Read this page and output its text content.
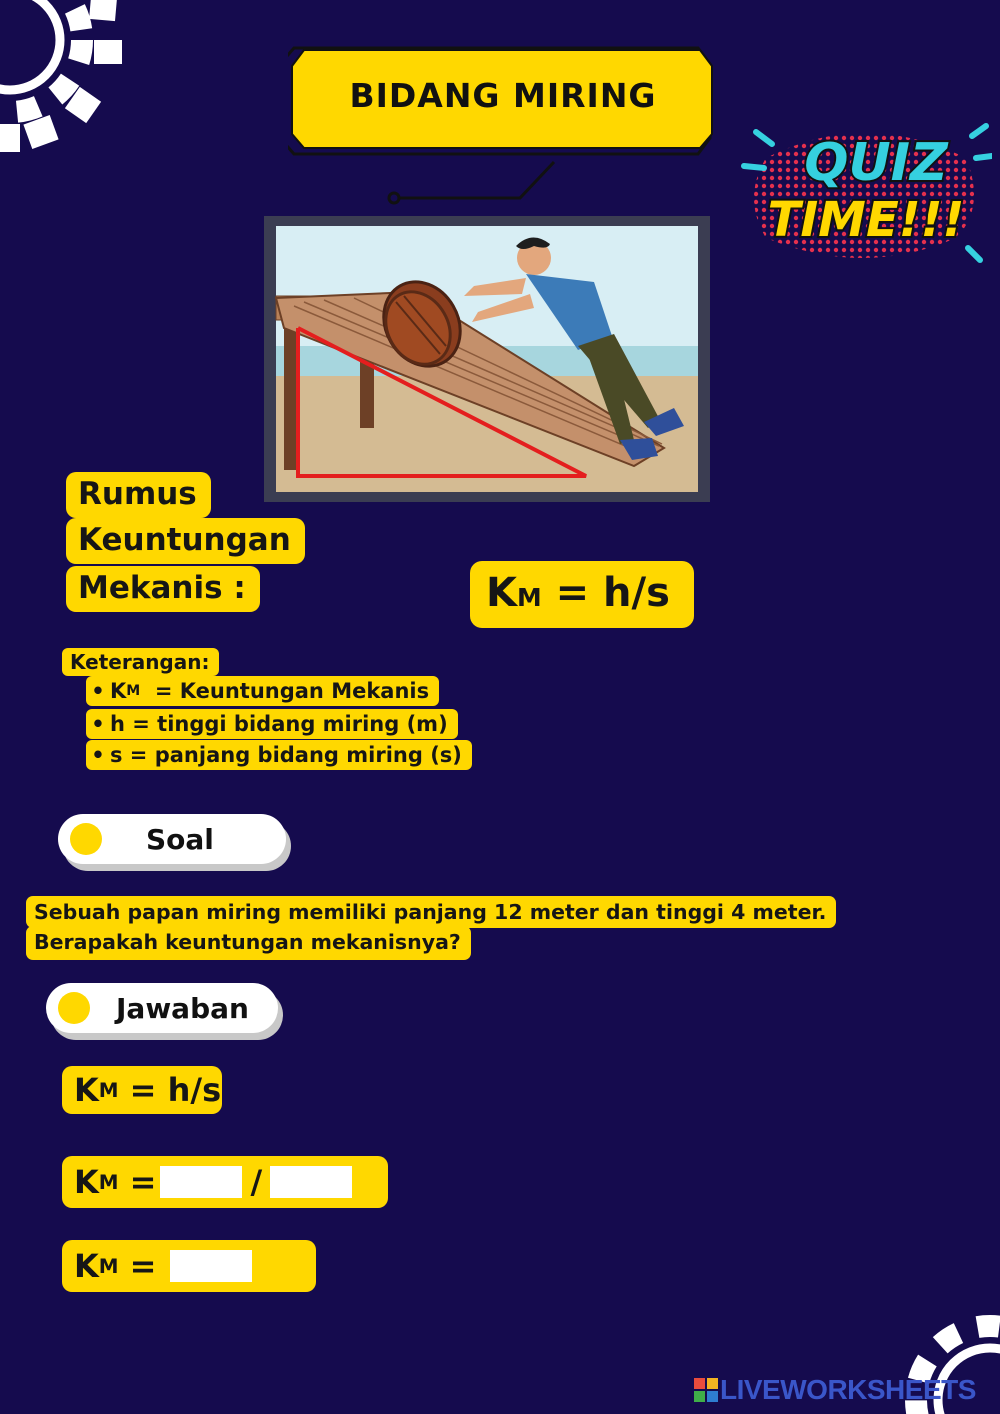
BIDANG MIRING
QUIZ
TIME!!!
Rumus
Keuntungan
Mekanis :	KM = h/s
Keterangan:
• K M = Keuntungan Mekanis
• h = tinggi bidang miring (m)
• s = panjang bidang miring (s)
Soal
Sebuah papan miring memiliki panjang 12 meter dan tinggi 4 meter.
Berapakah keuntungan mekanisnya?
Jawaban
K M = h/s
K M =	/
K M =
LIVEWORKSHEETS
